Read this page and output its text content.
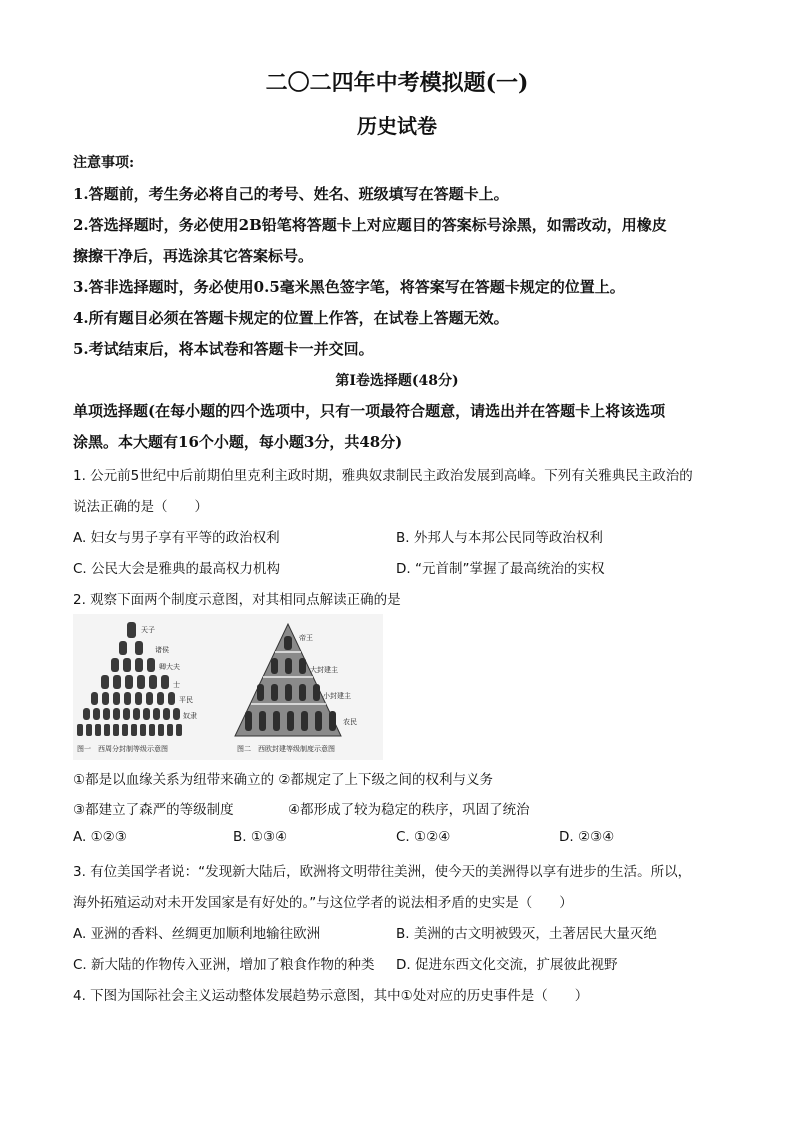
二〇二四年中考模拟题(一)
历史试卷
注意事项:
1.答题前，考生务必将自己的考号、姓名、班级填写在答题卡上。
2.答选择题时，务必使用2B铅笔将答题卡上对应题目的答案标号涂黑，如需改动，用橡皮
擦擦干净后，再选涂其它答案标号。
3.答非选择题时，务必使用0.5毫米黑色签字笔，将答案写在答题卡规定的位置上。
4.所有题目必须在答题卡规定的位置上作答，在试卷上答题无效。
5.考试结束后，将本试卷和答题卡一并交回。
第Ⅰ卷选择题(48分)
单项选择题(在每小题的四个选项中，只有一项最符合题意，请选出并在答题卡上将该选项
涂黑。本大题有16个小题，每小题3分，共48分)
1. 公元前5世纪中后前期伯里克利主政时期，雅典奴隶制民主政治发展到高峰。下列有关雅典民主政治的
说法正确的是（　　）
A. 妇女与男子享有平等的政治权利	B. 外邦人与本邦公民同等政治权利
C. 公民大会是雅典的最高权力机构	D. “元首制”掌握了最高统治的实权
2. 观察下面两个制度示意图，对其相同点解读正确的是
天子
诸侯
卿大夫
士
平民
奴隶
图一　西周分封制等级示意图
帝王
大封建主
小封建主
农民
图二　西欧封建等级制度示意图
①都是以血缘关系为纽带来确立的 ②都规定了上下级之间的权利与义务
③都建立了森严的等级制度	④都形成了较为稳定的秩序，巩固了统治
A. ①②③	B. ①③④	C. ①②④	D. ②③④
3. 有位美国学者说：“发现新大陆后，欧洲将文明带往美洲，使今天的美洲得以享有进步的生活。所以，
海外拓殖运动对未开发国家是有好处的。”与这位学者的说法相矛盾的史实是（　　）
A. 亚洲的香料、丝绸更加顺利地输往欧洲	B. 美洲的古文明被毁灭，土著居民大量灭绝
C. 新大陆的作物传入亚洲，增加了粮食作物的种类 D. 促进东西文化交流，扩展彼此视野
4. 下图为国际社会主义运动整体发展趋势示意图，其中①处对应的历史事件是（　　）
